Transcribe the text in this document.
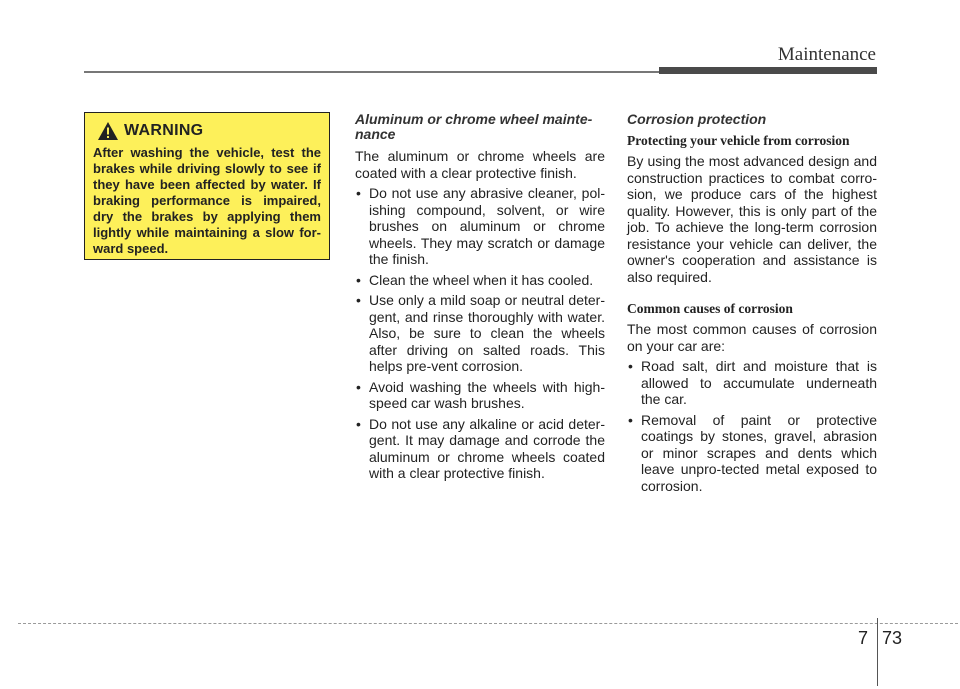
Maintenance
WARNING
After washing the vehicle, test the brakes while driving slowly to see if they have been affected by water. If braking performance is impaired, dry the brakes by applying them lightly while maintaining a slow for-ward speed.
Aluminum or chrome wheel mainte-nance

The aluminum or chrome wheels are coated with a clear protective finish.

• Do not use any abrasive cleaner, pol-ishing compound, solvent, or wire brushes on aluminum or chrome wheels. They may scratch or damage the finish.
• Clean the wheel when it has cooled.
• Use only a mild soap or neutral deter-gent, and rinse thoroughly with water. Also, be sure to clean the wheels after driving on salted roads. This helps pre-vent corrosion.
• Avoid washing the wheels with high-speed car wash brushes.
• Do not use any alkaline or acid deter-gent. It may damage and corrode the aluminum or chrome wheels coated with a clear protective finish.
Corrosion protection
Protecting your vehicle from corrosion

By using the most advanced design and construction practices to combat corro-sion, we produce cars of the highest quality. However, this is only part of the job. To achieve the long-term corrosion resistance your vehicle can deliver, the owner's cooperation and assistance is also required.

Common causes of corrosion

The most common causes of corrosion on your car are:

• Road salt, dirt and moisture that is allowed to accumulate underneath the car.
• Removal of paint or protective coatings by stones, gravel, abrasion or minor scrapes and dents which leave unpro-tected metal exposed to corrosion.
7 73
